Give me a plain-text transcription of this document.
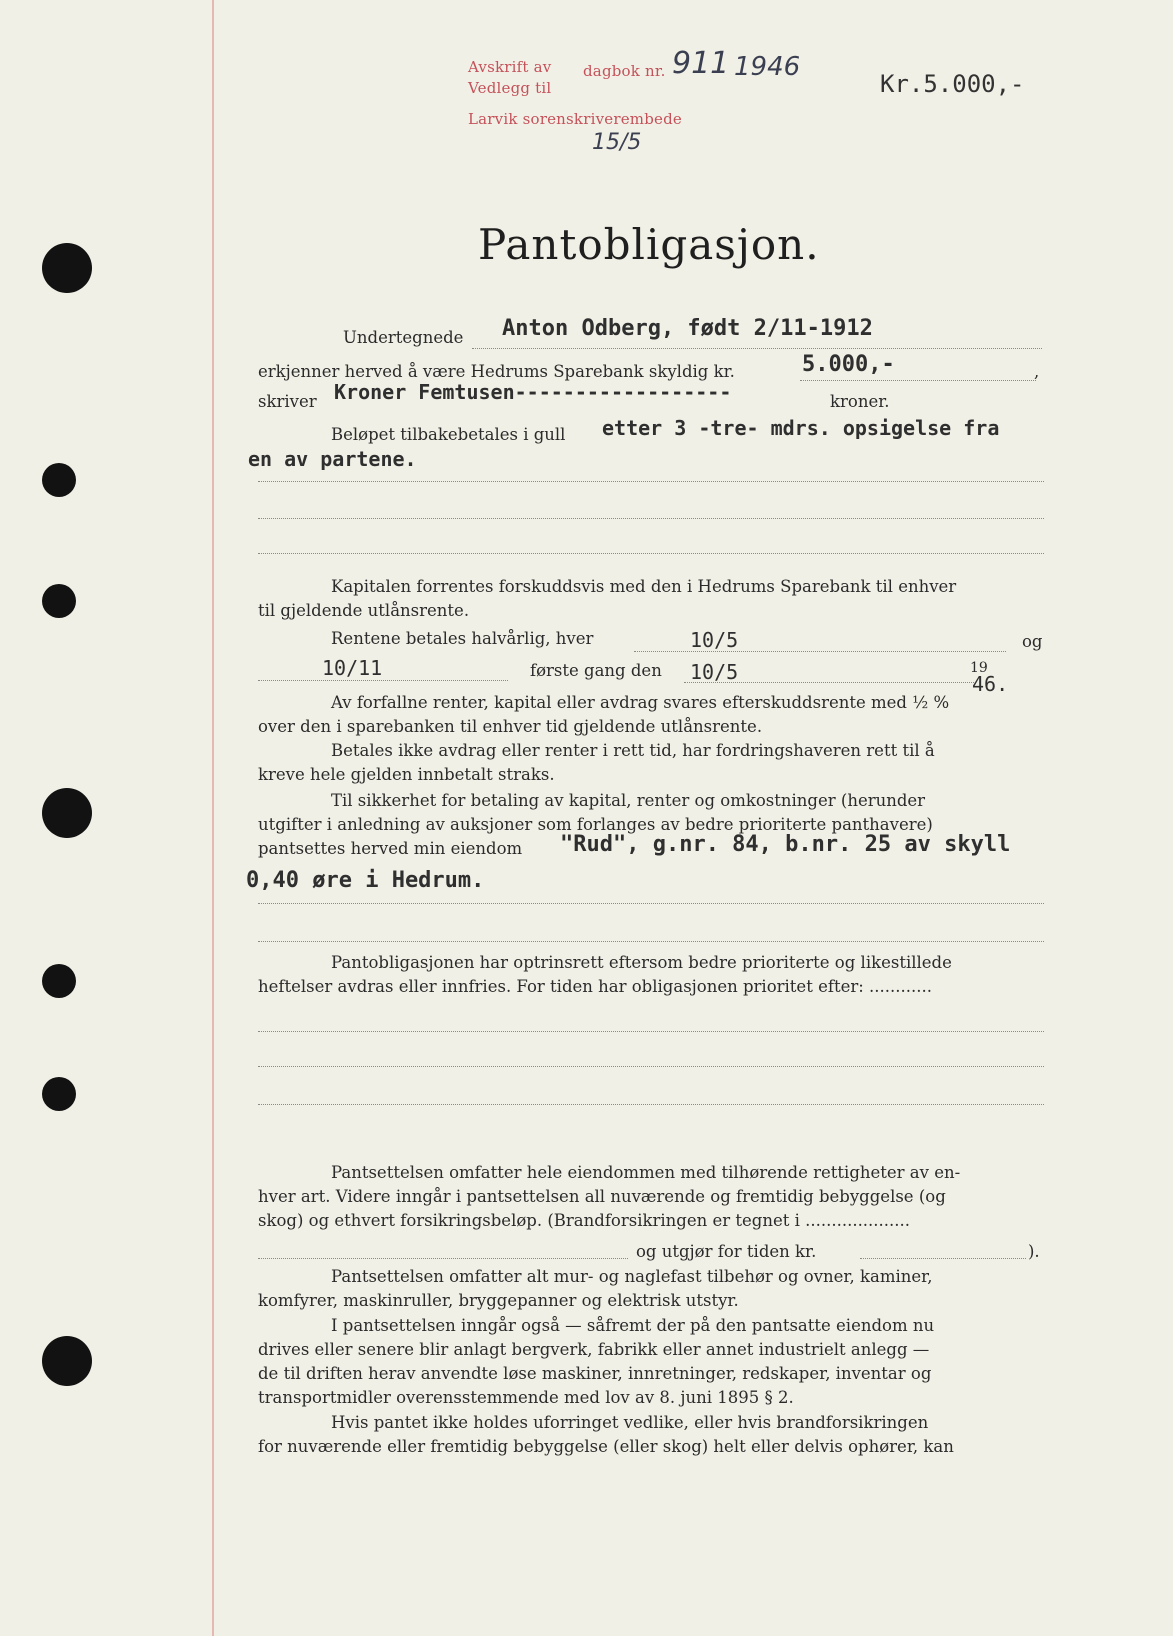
Avskrift av
Vedlegg til
Larvik sorenskriverembede
dagbok nr. 911 1946
Kr.5.000,-
15/5
Pantobligasjon.
Undertegnede Anton Odberg, født 2/11-1912
erkjenner herved å være Hedrums Sparebank skyldig kr.	5.000,-	,
skriver Kroner Femtusen------------------	kroner.
Beløpet tilbakebetales i gull etter 3 -tre- mdrs. opsigelse fra
en av partene.
Kapitalen forrentes forskuddsvis med den i Hedrums Sparebank til enhver
til gjeldende utlånsrente.
Rentene betales halvårlig, hver	10/5	og
10/11	første gang den 10/5	19
46.
Av forfallne renter, kapital eller avdrag svares efterskuddsrente med ½ %
over den i sparebanken til enhver tid gjeldende utlånsrente.
Betales ikke avdrag eller renter i rett tid, har fordringshaveren rett til å
kreve hele gjelden innbetalt straks.
Til sikkerhet for betaling av kapital, renter og omkostninger (herunder
utgifter i anledning av auksjoner som forlanges av bedre prioriterte panthavere)
pantsettes herved min eiendom "Rud", g.nr. 84, b.nr. 25 av skyll
0,40 øre i Hedrum.
Pantobligasjonen har optrinsrett eftersom bedre prioriterte og likestillede
heftelser avdras eller innfries. For tiden har obligasjonen prioritet efter: ............
Pantsettelsen omfatter hele eiendommen med tilhørende rettigheter av en-
hver art. Videre inngår i pantsettelsen all nuværende og fremtidig bebyggelse (og
skog) og ethvert forsikringsbeløp. (Brandforsikringen er tegnet i ....................
og utgjør for tiden kr.	).
Pantsettelsen omfatter alt mur- og naglefast tilbehør og ovner, kaminer,
komfyrer, maskinruller, bryggepanner og elektrisk utstyr.
I pantsettelsen inngår også — såfremt der på den pantsatte eiendom nu
drives eller senere blir anlagt bergverk, fabrikk eller annet industrielt anlegg —
de til driften herav anvendte løse maskiner, innretninger, redskaper, inventar og
transportmidler overensstemmende med lov av 8. juni 1895 § 2.
Hvis pantet ikke holdes uforringet vedlike, eller hvis brandforsikringen
for nuværende eller fremtidig bebyggelse (eller skog) helt eller delvis ophører, kan
